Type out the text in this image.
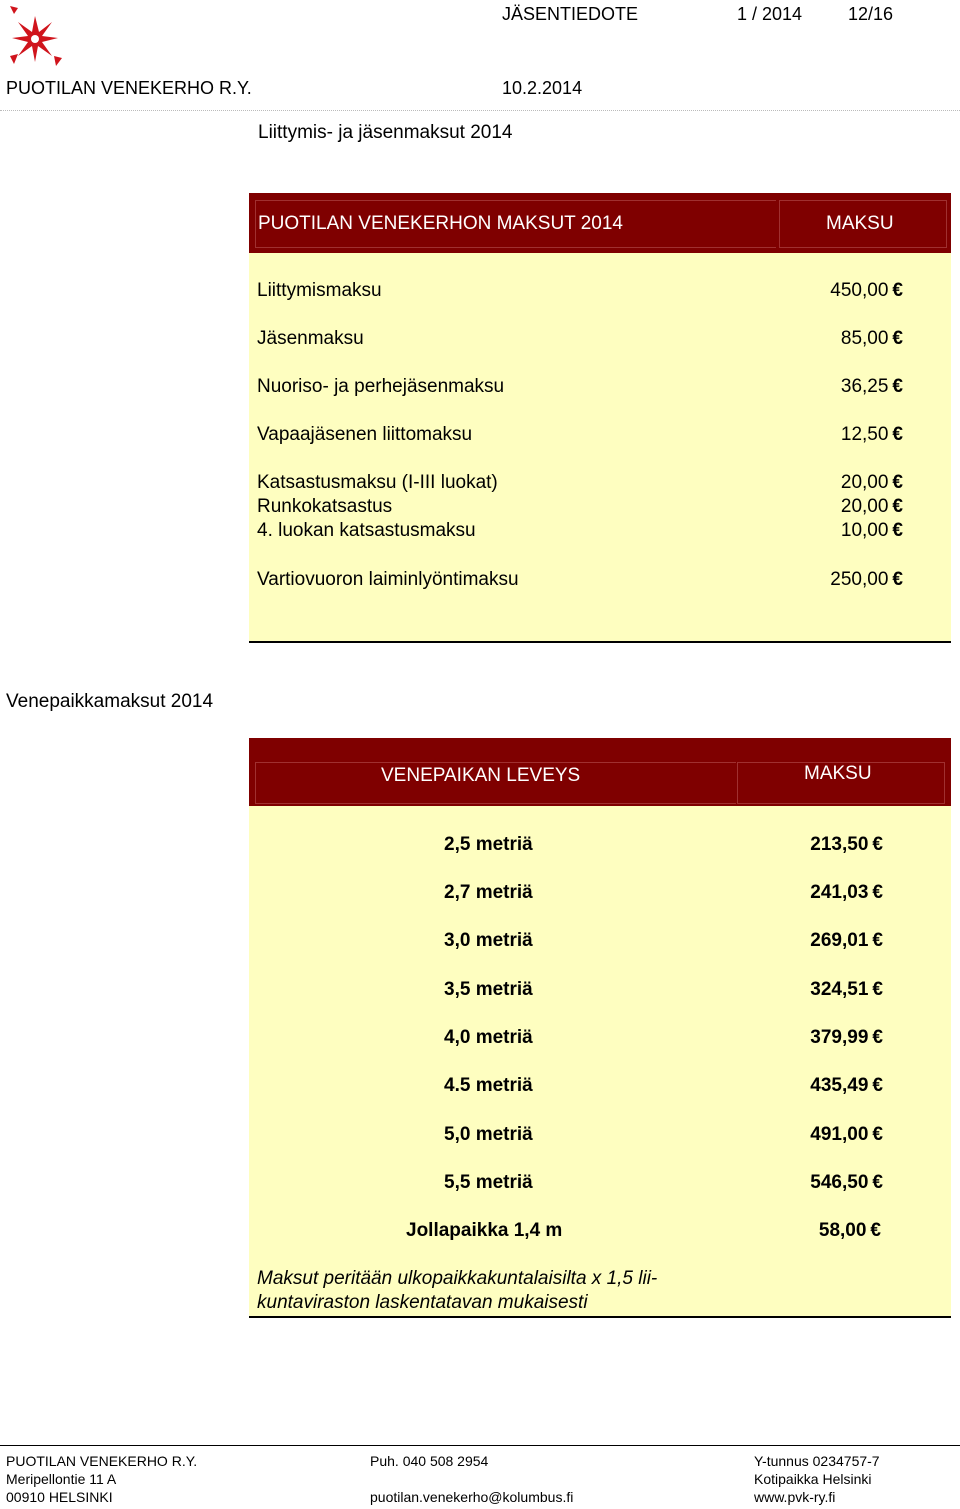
JÄSENTIEDOTE	1 / 2014	12/16
PUOTILAN VENEKERHO R.Y.	10.2.2014
Liittymis- ja jäsenmaksut 2014
PUOTILAN VENEKERHON MAKSUT 2014	MAKSU
Liittymismaksu	450,00 €
Jäsenmaksu	85,00 €
Nuoriso- ja perhejäsenmaksu	36,25 €
Vapaajäsenen liittomaksu	12,50 €
Katsastusmaksu (I-III luokat)	20,00 €
Runkokatsastus	20,00 €
4. luokan katsastusmaksu	10,00 €
Vartiovuoron laiminlyöntimaksu	250,00 €
Venepaikkamaksut 2014
VENEPAIKAN LEVEYS	MAKSU
2,5 metriä	213,50 €
2,7 metriä	241,03 €
3,0 metriä	269,01 €
3,5 metriä	324,51 €
4,0 metriä	379,99 €
4.5 metriä	435,49 €
5,0 metriä	491,00 €
5,5 metriä	546,50 €
Jollapaikka 1,4 m	58,00 €
Maksut peritään ulkopaikkakuntalaisilta x 1,5 lii-kuntaviraston laskentatavan mukaisesti
PUOTILAN VENEKERHO R.Y.
Meripellontie 11 A
00910 HELSINKI
Puh. 040 508 2954
puotilan.venekerho@kolumbus.fi
Y-tunnus 0234757-7
Kotipaikka Helsinki
www.pvk-ry.fi
